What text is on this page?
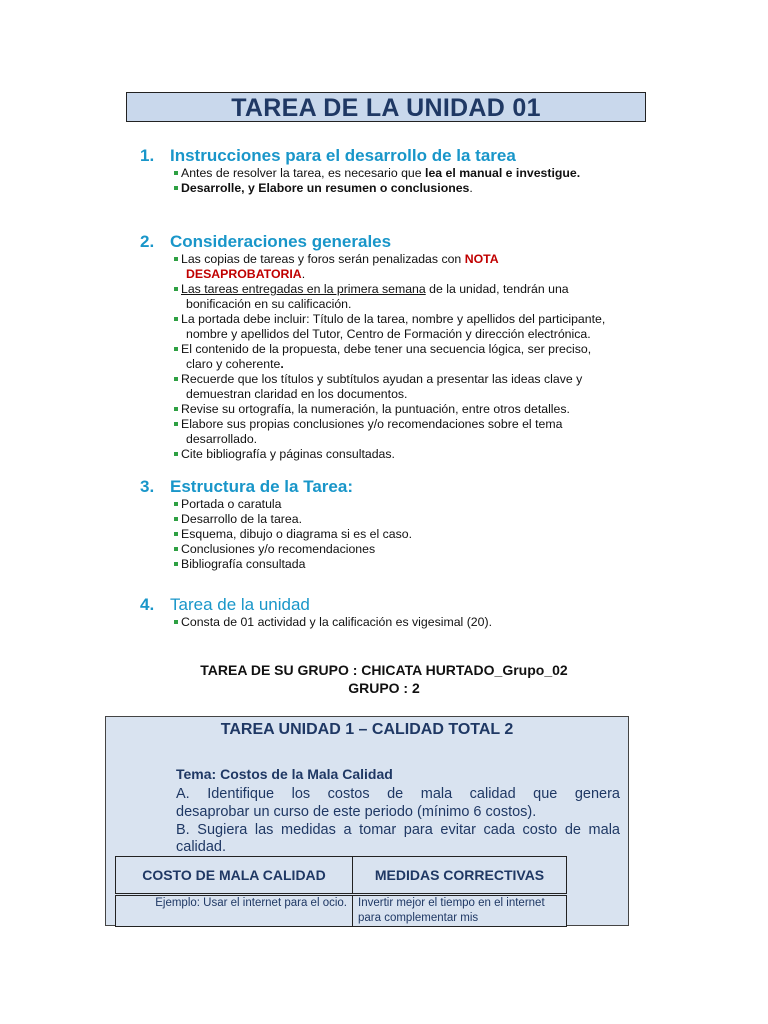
TAREA DE LA UNIDAD 01

1. Instrucciones para el desarrollo de la tarea

Antes de resolver la tarea, es necesario que lea el manual e investigue.
Desarrolle, y Elabore un resumen o conclusiones.

2. Consideraciones generales

Las copias de tareas y foros serán penalizadas con NOTA
DESAPROBATORIA.
Las tareas entregadas en la primera semana de la unidad, tendrán una
bonificación en su calificación.
La portada debe incluir: Título de la tarea, nombre y apellidos del participante,
nombre y apellidos del Tutor, Centro de Formación y dirección electrónica.
El contenido de la propuesta, debe tener una secuencia lógica, ser preciso,
claro y coherente.
Recuerde que los títulos y subtítulos ayudan a presentar las ideas clave y
demuestran claridad en los documentos.
Revise su ortografía, la numeración, la puntuación, entre otros detalles.
Elabore sus propias conclusiones y/o recomendaciones sobre el tema
desarrollado.
Cite bibliografía y páginas consultadas.

3. Estructura de la Tarea:

Portada o caratula
Desarrollo de la tarea.
Esquema, dibujo o diagrama si es el caso.
Conclusiones y/o recomendaciones
Bibliografía consultada

4. Tarea de la unidad

Consta de 01 actividad y la calificación es vigesimal (20).
TAREA DE SU GRUPO : CHICATA HURTADO_Grupo_02
GRUPO : 2
TAREA UNIDAD 1 – CALIDAD TOTAL 2
Tema: Costos de la Mala Calidad
A. Identifique los costos de mala calidad que genera
desaprobar un curso de este periodo (mínimo 6 costos).
B. Sugiera las medidas a tomar para evitar cada costo de mala
calidad.
COSTO DE MALA CALIDAD	MEDIDAS CORRECTIVAS
Ejemplo: Usar el internet para el ocio.	Invertir mejor el tiempo en el internet para complementar mis
